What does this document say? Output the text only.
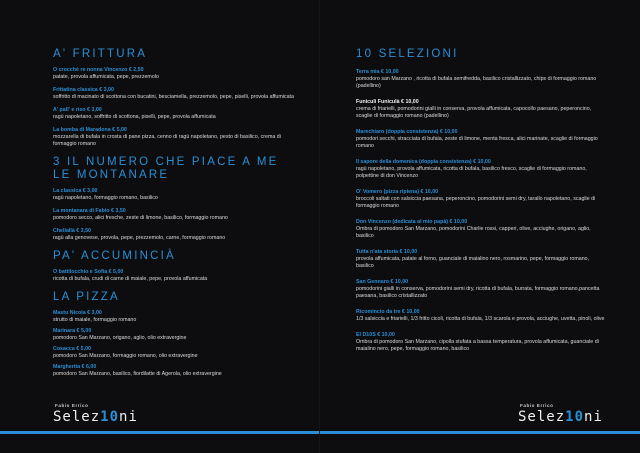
A' FRITTURA
O crocchè re nonna Vincenzo € 2,50
patate, provola affumicata, pepe, prezzemolo
Frittatina classica € 3,00
soffritto di macinato di scottona con bucatini, besciamella, prezzemolo, pepe, piselli, provola affumicata
A' pall' e riso € 3,00
ragù napoletano, soffritto di scottona, piselli, pepe, provola affumicata
La bomba di Maradona € 5,00
mozzarella di bufala in crosta di pane pizza, cenno di ragù napoletano, pesto di basilico, crema di formaggio romano
3 IL NUMERO CHE PIACE A ME
LE MONTANARE
La classica € 3,00
ragù napoletano, formaggio romano, basilico
La montanara di Fabio € 3,50
pomodoro secco, alici fresche, zeste di limone, basilico, formaggio romano
Chellallà € 3,50
ragù alla genovese, provola, pepe, prezzemolo, carne, formaggio romano
PA' ACCUMINCIÀ
O battilocchio e Sofia € 5,00
ricotta di bufala, crudi di carne di maiale, pepe, provola affumicata
LA PIZZA
Mastu Nicola € 3,00
strutto di maiale, formaggio romano
Marinara € 5,00
pomodoro San Marzano, origano, aglio, olio extravergine
Cosacca € 5,00
pomodoro San Marzano, formaggio romano, olio extravergine
Margherita € 6,00
pomodoro San Marzano, basilico, fiordilatte di Agerola, olio extravergine
Fabio Errico
Selez10ni
10 SELEZIONI
Terra mia € 10,00
pomodoro san Marzano , ricotta di bufala semifredda, basilico cristallizzato, chips di formaggio romano (padellino)
Funiculì Funiculà € 10,00
crema di friarielli, pomodorini gialli in conserva, provola affumicata, capocollo paesano, peperoncino, scaglie di formaggio romano (padellino)
Marechiaro (doppia consistenza) € 10,00
pomodori secchi, stracciata di bufala, zeste di limone, menta fresca, alici marinate, scaglie di formaggio romano
Il sapore della domenica (doppia consistenza) € 10,00
ragù napoletano, provola affumicata, ricotta di bufala, basilico fresco, scaglie di formaggio romano, polpettine di don Vincenzo
O' Vomero (pizza ripiena) € 10,00
broccoli saltati con salsiccia paesana, peperoncino, pomodorini semi dry, tarallo napoletano, scaglie di formaggio romano
Don Vincenzo (dedicata al mio papà) € 10,00
Ombra di pomodoro San Marzano, pomodorini Charlie rossi, capperi, olive, acciughe, origano, aglio, basilico
Tutta n'ata storia € 10,00
provola affumicata, patate al forno, guanciale di maialino nero, rosmarino, pepe, formaggio romano, basilico
San Gennaro € 10,00
pomodorini gialli in conserva, pomodorini semi dry, ricotta di bufala, burrata, formaggio romano,pancetta paesana, basilico cristallizzato
Ricomincio da tre € 10,00
1/3 salsiccia e friarielli, 1/3 fritto cicoli, ricotta di bufala, 1/3 scarola e provola, acciughe, uvetta, pinoli, olive
El D10S € 10,00
Ombra di pomodoro San Marzano, cipolla stufata a bassa temperatura, provola affumicata, guanciale di maialino nero, pepe, formaggio romano, basilico
Fabio Errico
Selez10ni
